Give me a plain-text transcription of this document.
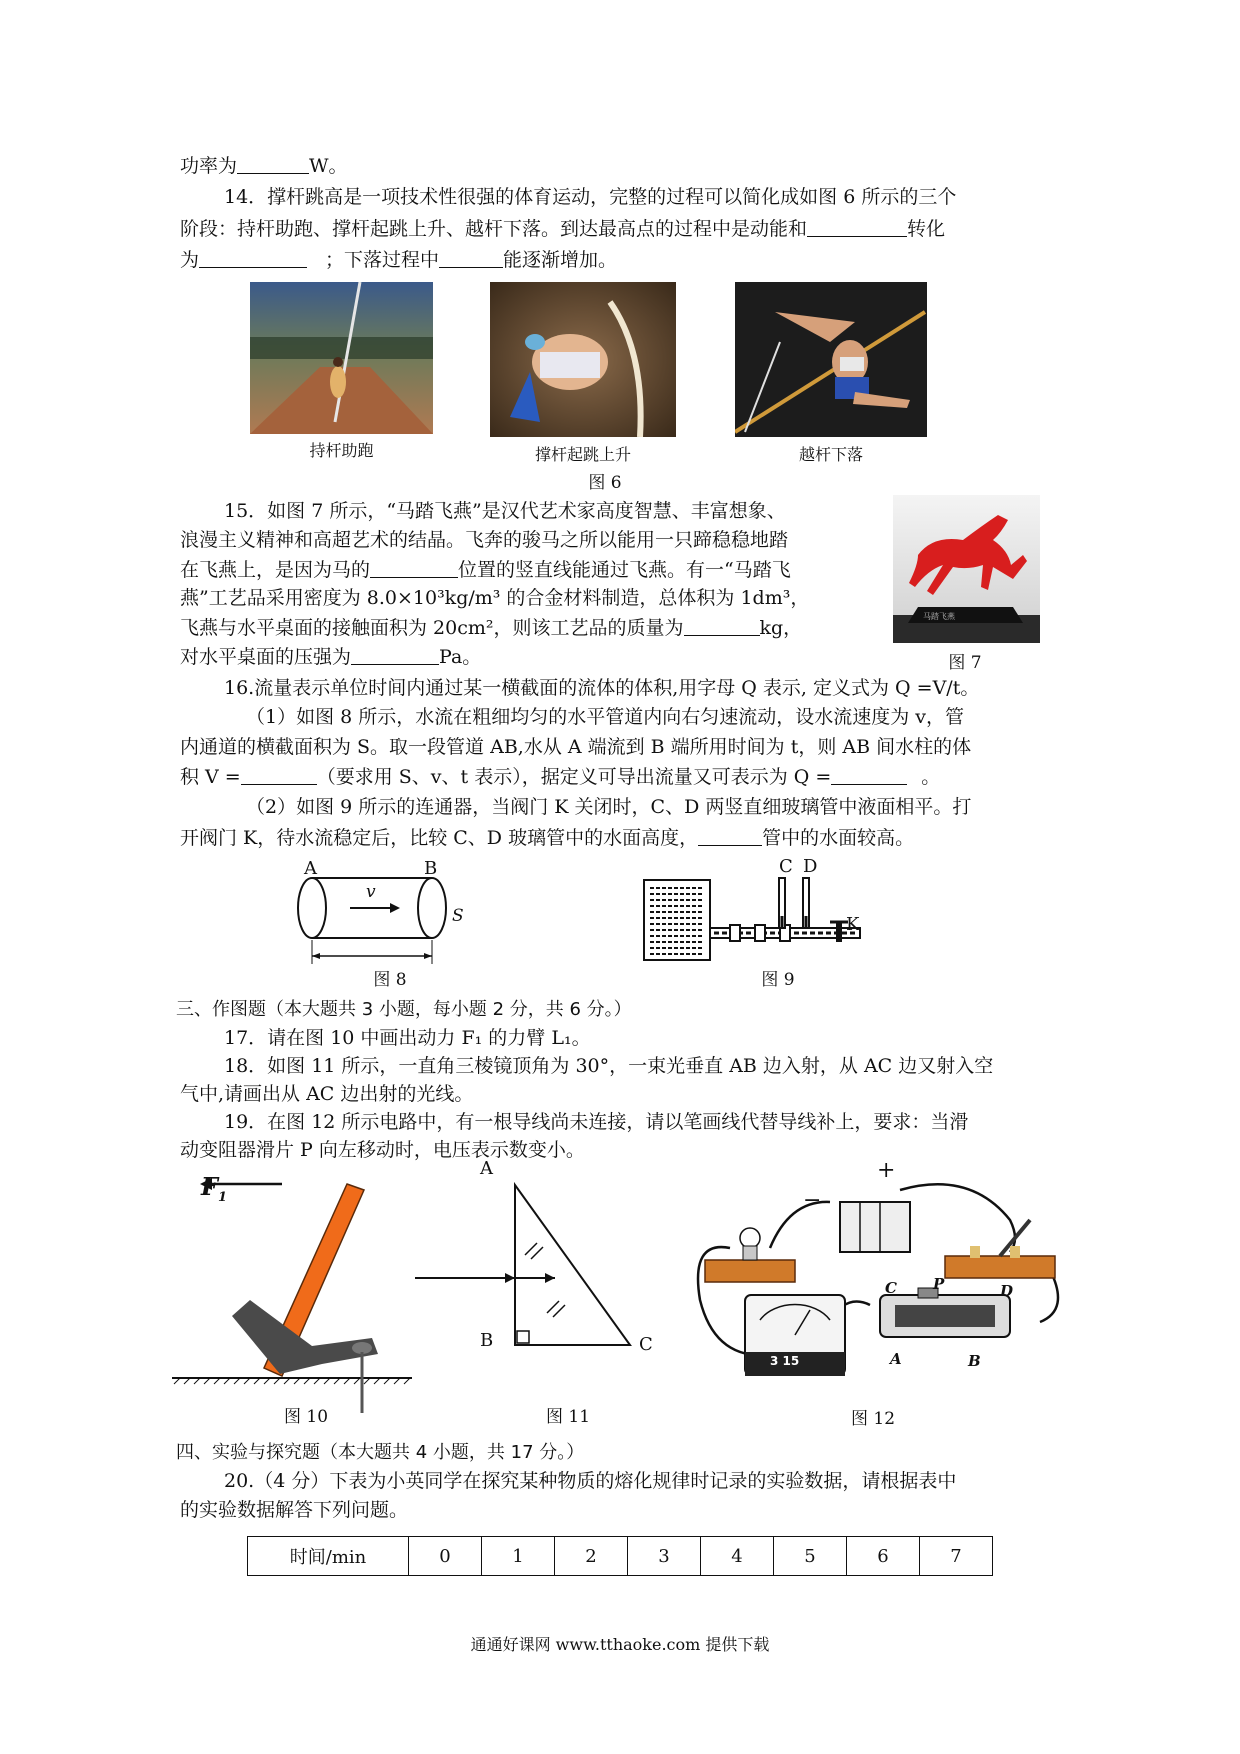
功率为	W。
14．撑杆跳高是一项技术性很强的体育运动，完整的过程可以简化成如图 6 所示的三个
阶段：持杆助跑、撑杆起跳上升、越杆下落。到达最高点的过程中是动能和	转化
为	；下落过程中	能逐渐增加。
持杆助跑	撑杆起跳上升	越杆下落
图 6
15．如图 7 所示，“马踏飞燕”是汉代艺术家高度智慧、丰富想象、
浪漫主义精神和高超艺术的结晶。飞奔的骏马之所以能用一只蹄稳稳地踏
在飞燕上，是因为马的	位置的竖直线能通过飞燕。有一“马踏飞
燕”工艺品采用密度为 8.0×10³kg/m³ 的合金材料制造，总体积为 1dm³，
飞燕与水平桌面的接触面积为 20cm²，则该工艺品的质量为	kg，
对水平桌面的压强为	Pa。
马踏飞燕
图 7
16.流量表示单位时间内通过某一横截面的流体的体积,用字母 Q 表示, 定义式为 Q =V/t。
（1）如图 8 所示，水流在粗细均匀的水平管道内向右匀速流动，设水流速度为 v，管
内通道的横截面积为 S。取一段管道 AB,水从 A 端流到 B 端所用时间为 t，则 AB 间水柱的体
积 V =	（要求用 S、v、t 表示），据定义可导出流量又可表示为 Q =	。
（2）如图 9 所示的连通器，当阀门 K 关闭时，C、D 两竖直细玻璃管中液面相平。打
开阀门 K，待水流稳定后，比较 C、D 玻璃管中的水面高度，	管中的水面较高。
A	B
v
S
图 8
C D
K
图 9
三、作图题（本大题共 3 小题，每小题 2 分，共 6 分。）
17．请在图 10 中画出动力 F₁ 的力臂 L₁。
18．如图 11 所示，一直角三棱镜顶角为 30°，一束光垂直 AB 边入射，从 AC 边又射入空
气中,请画出从 AC 边出射的光线。
19．在图 12 所示电路中，有一根导线尚未连接，请以笔画线代替导线补上，要求：当滑
动变阻器滑片 P 向左移动时，电压表示数变小。
$F_1$
图 10
A
B	C
图 11
−
+
3 15
C P	D
A	B
图 12
四、实验与探究题（本大题共 4 小题，共 17 分。）
20.（4 分）下表为小英同学在探究某种物质的熔化规律时记录的实验数据，请根据表中
的实验数据解答下列问题。
时间/min	0	1	2	3	4	5	6	7
通通好课网 www.tthaoke.com 提供下载
